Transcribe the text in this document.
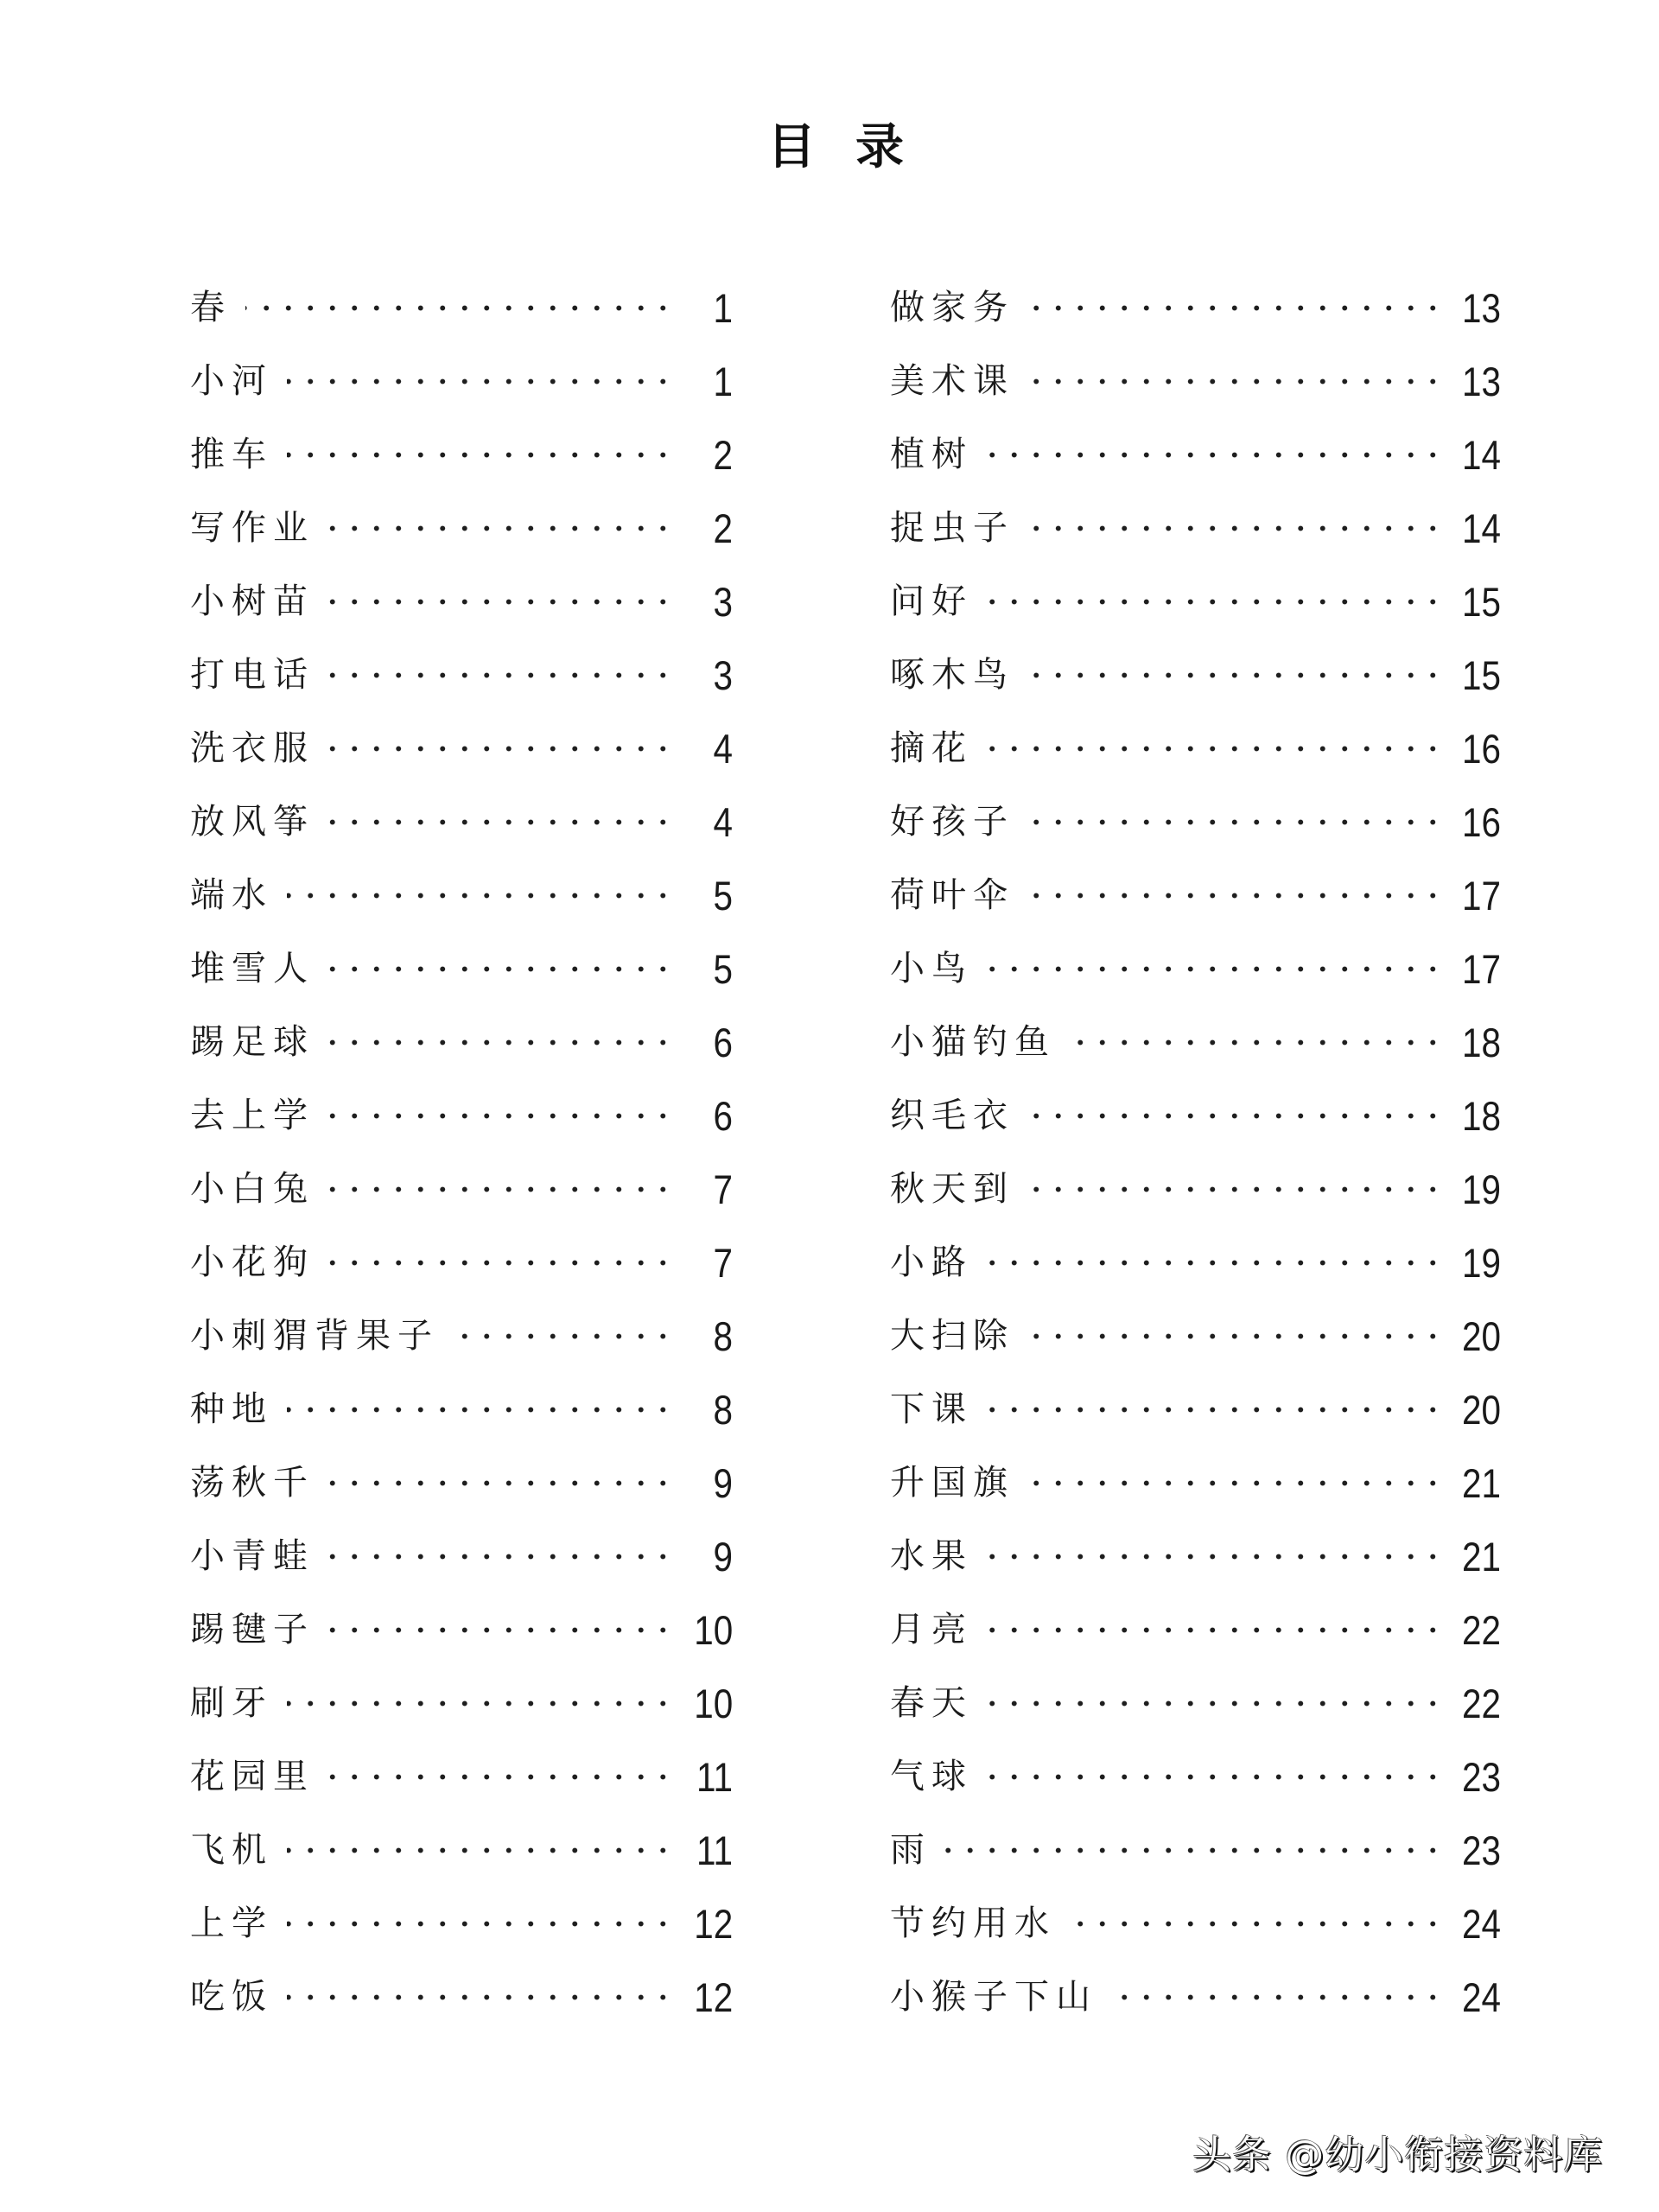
目 录
春	1
小河	1
推车	2
写作业	2
小树苗	3
打电话	3
洗衣服	4
放风筝	4
端水	5
堆雪人	5
踢足球	6
去上学	6
小白兔	7
小花狗	7
小刺猬背果子	8
种地	8
荡秋千	9
小青蛙	9
踢毽子	10
刷牙	10
花园里	11
飞机	11
上学	12
吃饭	12
做家务	13
美术课	13
植树	14
捉虫子	14
问好	15
啄木鸟	15
摘花	16
好孩子	16
荷叶伞	17
小鸟	17
小猫钓鱼	18
织毛衣	18
秋天到	19
小路	19
大扫除	20
下课	20
升国旗	21
水果	21
月亮	22
春天	22
气球	23
雨	23
节约用水	24
小猴子下山	24
头条 @幼小衔接资料库
